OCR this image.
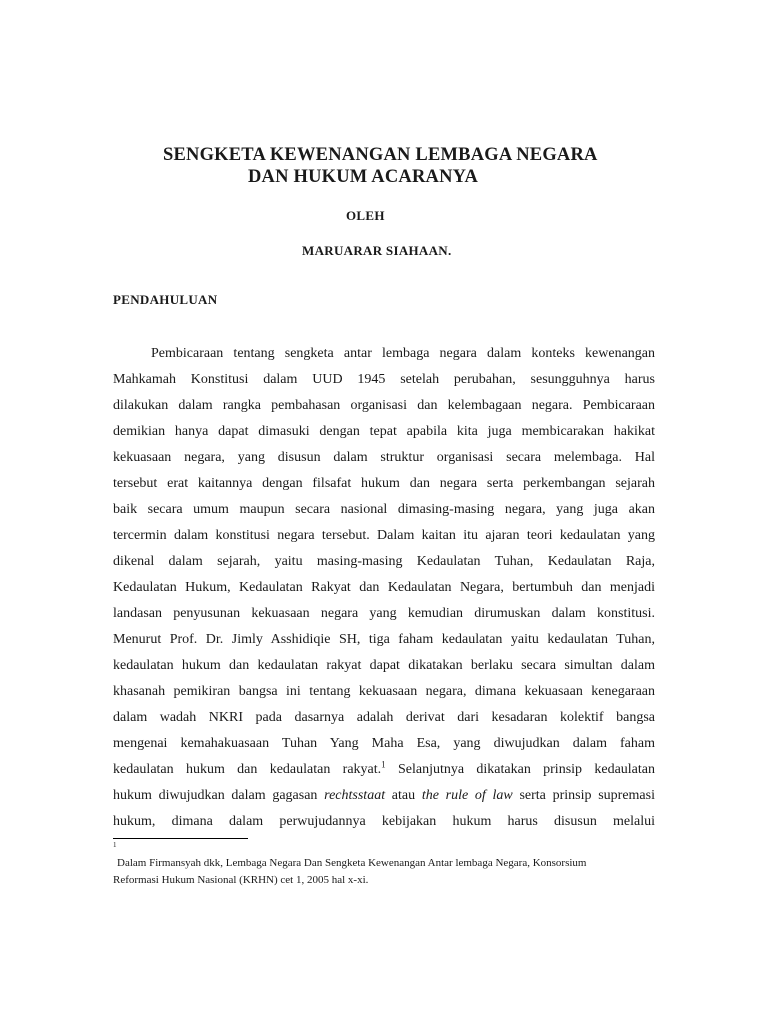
SENGKETA KEWENANGAN LEMBAGA NEGARA
DAN HUKUM ACARANYA
OLEH
MARUARAR SIAHAAN.
PENDAHULUAN
Pembicaraan tentang sengketa antar lembaga negara dalam konteks kewenangan
Mahkamah Konstitusi dalam UUD 1945 setelah perubahan, sesungguhnya harus
dilakukan dalam rangka pembahasan organisasi dan kelembagaan negara. Pembicaraan
demikian hanya dapat dimasuki dengan tepat apabila kita juga membicarakan hakikat
kekuasaan negara, yang disusun dalam struktur organisasi secara melembaga. Hal
tersebut erat kaitannya dengan filsafat hukum dan negara serta perkembangan sejarah
baik secara umum maupun secara nasional dimasing-masing negara, yang juga akan
tercermin dalam konstitusi negara tersebut. Dalam kaitan itu ajaran teori kedaulatan yang
dikenal dalam sejarah, yaitu masing-masing Kedaulatan Tuhan, Kedaulatan Raja,
Kedaulatan Hukum, Kedaulatan Rakyat dan Kedaulatan Negara, bertumbuh dan menjadi
landasan penyusunan kekuasaan negara yang kemudian dirumuskan dalam konstitusi.
Menurut Prof. Dr. Jimly Asshidiqie SH, tiga faham kedaulatan yaitu kedaulatan Tuhan,
kedaulatan hukum dan kedaulatan rakyat dapat dikatakan berlaku secara simultan dalam
khasanah pemikiran bangsa ini tentang kekuasaan negara, dimana kekuasaan kenegaraan
dalam wadah NKRI pada dasarnya adalah derivat dari kesadaran kolektif bangsa
mengenai kemahakuasaan Tuhan Yang Maha Esa, yang diwujudkan dalam faham
kedaulatan hukum dan kedaulatan rakyat.$^1$ Selanjutnya dikatakan prinsip kedaulatan
hukum diwujudkan dalam gagasan rechtsstaat atau the rule of law serta prinsip supremasi
hukum, dimana dalam perwujudannya kebijakan hukum harus disusun melalui
1
Dalam Firmansyah dkk, Lembaga Negara Dan Sengketa Kewenangan Antar lembaga Negara, Konsorsium
Reformasi Hukum Nasional (KRHN) cet 1, 2005 hal x-xi.
